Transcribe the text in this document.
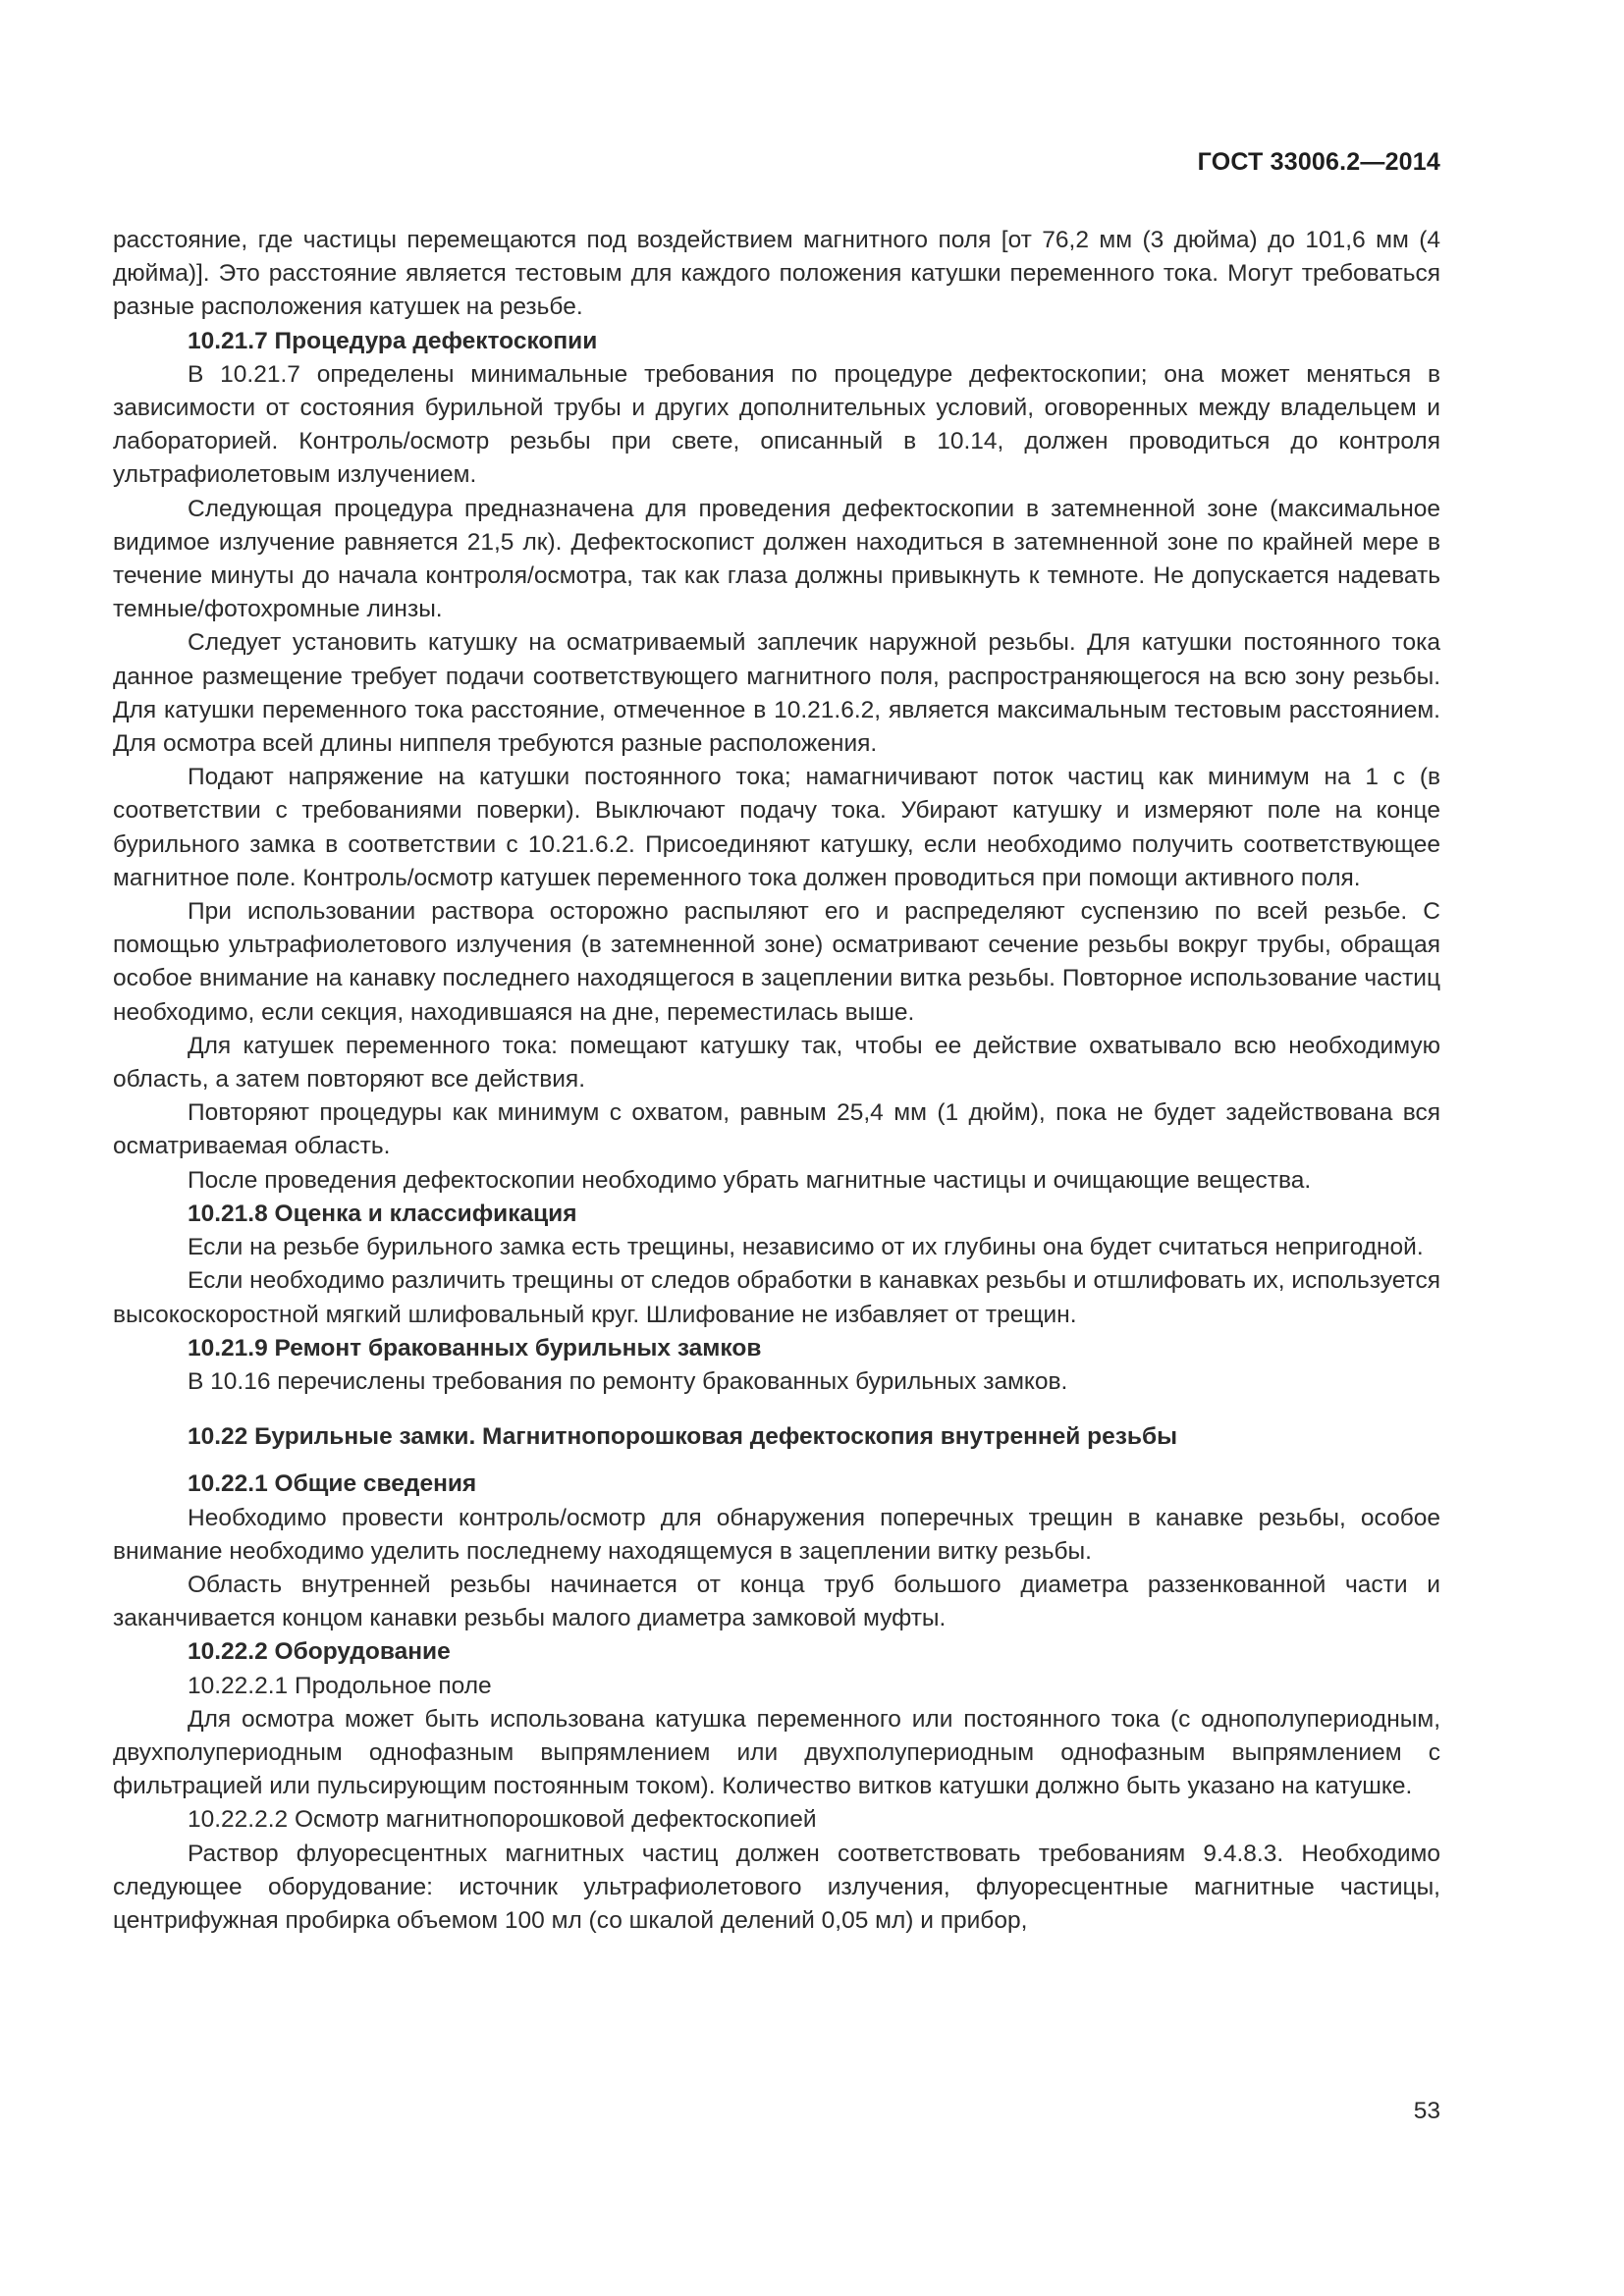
ГОСТ 33006.2—2014

расстояние, где частицы перемещаются под воздействием магнитного поля [от 76,2 мм (3 дюйма) до 101,6 мм (4 дюйма)]. Это расстояние является тестовым для каждого положения катушки переменного тока. Могут требоваться разные расположения катушек на резьбе.

10.21.7 Процедура дефектоскопии

В 10.21.7 определены минимальные требования по процедуре дефектоскопии; она может меняться в зависимости от состояния бурильной трубы и других дополнительных условий, оговоренных между владельцем и лабораторией. Контроль/осмотр резьбы при свете, описанный в 10.14, должен проводиться до контроля ультрафиолетовым излучением.

Следующая процедура предназначена для проведения дефектоскопии в затемненной зоне (максимальное видимое излучение равняется 21,5 лк). Дефектоскопист должен находиться в затемненной зоне по крайней мере в течение минуты до начала контроля/осмотра, так как глаза должны привыкнуть к темноте. Не допускается надевать темные/фотохромные линзы.

Следует установить катушку на осматриваемый заплечик наружной резьбы. Для катушки постоянного тока данное размещение требует подачи соответствующего магнитного поля, распространяющегося на всю зону резьбы. Для катушки переменного тока расстояние, отмеченное в 10.21.6.2, является максимальным тестовым расстоянием. Для осмотра всей длины ниппеля требуются разные расположения.

Подают напряжение на катушки постоянного тока; намагничивают поток частиц как минимум на 1 с (в соответствии с требованиями поверки). Выключают подачу тока. Убирают катушку и измеряют поле на конце бурильного замка в соответствии с 10.21.6.2. Присоединяют катушку, если необходимо получить соответствующее магнитное поле. Контроль/осмотр катушек переменного тока должен проводиться при помощи активного поля.

При использовании раствора осторожно распыляют его и распределяют суспензию по всей резьбе. С помощью ультрафиолетового излучения (в затемненной зоне) осматривают сечение резьбы вокруг трубы, обращая особое внимание на канавку последнего находящегося в зацеплении витка резьбы. Повторное использование частиц необходимо, если секция, находившаяся на дне, переместилась выше.

Для катушек переменного тока: помещают катушку так, чтобы ее действие охватывало всю необходимую область, а затем повторяют все действия.

Повторяют процедуры как минимум с охватом, равным 25,4 мм (1 дюйм), пока не будет задействована вся осматриваемая область.

После проведения дефектоскопии необходимо убрать магнитные частицы и очищающие вещества.

10.21.8 Оценка и классификация

Если на резьбе бурильного замка есть трещины, независимо от их глубины она будет считаться непригодной.

Если необходимо различить трещины от следов обработки в канавках резьбы и отшлифовать их, используется высокоскоростной мягкий шлифовальный круг. Шлифование не избавляет от трещин.

10.21.9 Ремонт бракованных бурильных замков

В 10.16 перечислены требования по ремонту бракованных бурильных замков.

10.22 Бурильные замки. Магнитнопорошковая дефектоскопия внутренней резьбы

10.22.1 Общие сведения

Необходимо провести контроль/осмотр для обнаружения поперечных трещин в канавке резьбы, особое внимание необходимо уделить последнему находящемуся в зацеплении витку резьбы.

Область внутренней резьбы начинается от конца труб большого диаметра раззенкованной части и заканчивается концом канавки резьбы малого диаметра замковой муфты.

10.22.2 Оборудование

10.22.2.1 Продольное поле

Для осмотра может быть использована катушка переменного или постоянного тока (с однополупериодным, двухполупериодным однофазным выпрямлением или двухполупериодным однофазным выпрямлением с фильтрацией или пульсирующим постоянным током). Количество витков катушки должно быть указано на катушке.

10.22.2.2 Осмотр магнитнопорошковой дефектоскопией

Раствор флуоресцентных магнитных частиц должен соответствовать требованиям 9.4.8.3. Необходимо следующее оборудование: источник ультрафиолетового излучения, флуоресцентные магнитные частицы, центрифужная пробирка объемом 100 мл (со шкалой делений 0,05 мл) и прибор,

53
